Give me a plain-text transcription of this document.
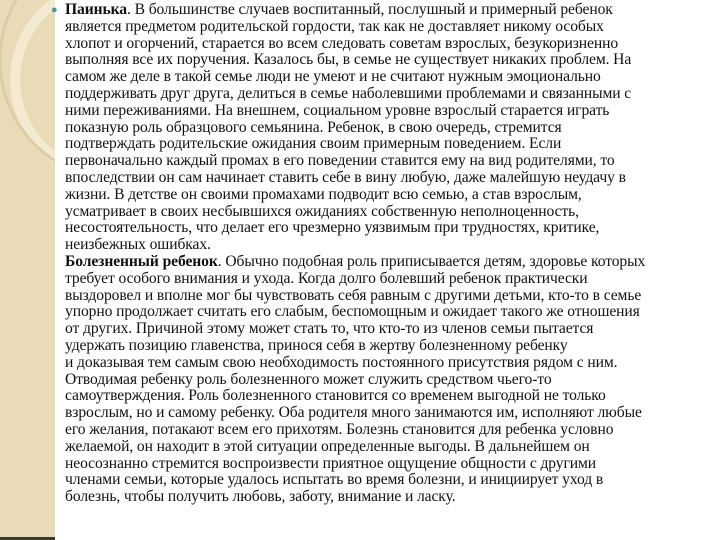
● Паинька. В большинстве случаев воспитанный, послушный и примерный ребенок
является предметом родительской гордости, так как не доставляет никому особых
хлопот и огорчений, старается во всем следовать советам взрослых, безукоризненно
выполняя все их поручения. Казалось бы, в семье не существует никаких проблем. На
самом же деле в такой семье люди не умеют и не считают нужным эмоционально
поддерживать друг друга, делиться в семье наболевшими проблемами и связанными с
ними переживаниями. На внешнем, социальном уровне взрослый старается играть
показную роль образцового семьянина. Ребенок, в свою очередь, стремится
подтверждать родительские ожидания своим примерным поведением. Если
первоначально каждый промах в его поведении ставится ему на вид родителями, то
впоследствии он сам начинает ставить себе в вину любую, даже малейшую неудачу в
жизни. В детстве он своими промахами подводит всю семью, а став взрослым,
усматривает в своих несбывшихся ожиданиях собственную неполноценность,
несостоятельность, что делает его чрезмерно уязвимым при трудностях, критике,
неизбежных ошибках.
Болезненный ребенок. Обычно подобная роль приписывается детям, здоровье которых
требует особого внимания и ухода. Когда долго болевший ребенок практически
выздоровел и вполне мог бы чувствовать себя равным с другими детьми, кто-то в семье
упорно продолжает считать его слабым, беспомощным и ожидает такого же отношения
от других. Причиной этому может стать то, что кто-то из членов семьи пытается
удержать позицию главенства, принося себя в жертву болезненному ребенку
и доказывая тем самым свою необходимость постоянного присутствия рядом с ним.
Отводимая ребенку роль болезненного может служить средством чьего-то
самоутверждения. Роль болезненного становится со временем выгодной не только
взрослым, но и самому ребенку. Оба родителя много занимаются им, исполняют любые
его желания, потакают всем его прихотям. Болезнь становится для ребенка условно
желаемой, он находит в этой ситуации определенные выгоды. В дальнейшем он
неосознанно стремится воспроизвести приятное ощущение общности с другими
членами семьи, которые удалось испытать во время болезни, и инициирует уход в
болезнь, чтобы получить любовь, заботу, внимание и ласку.
